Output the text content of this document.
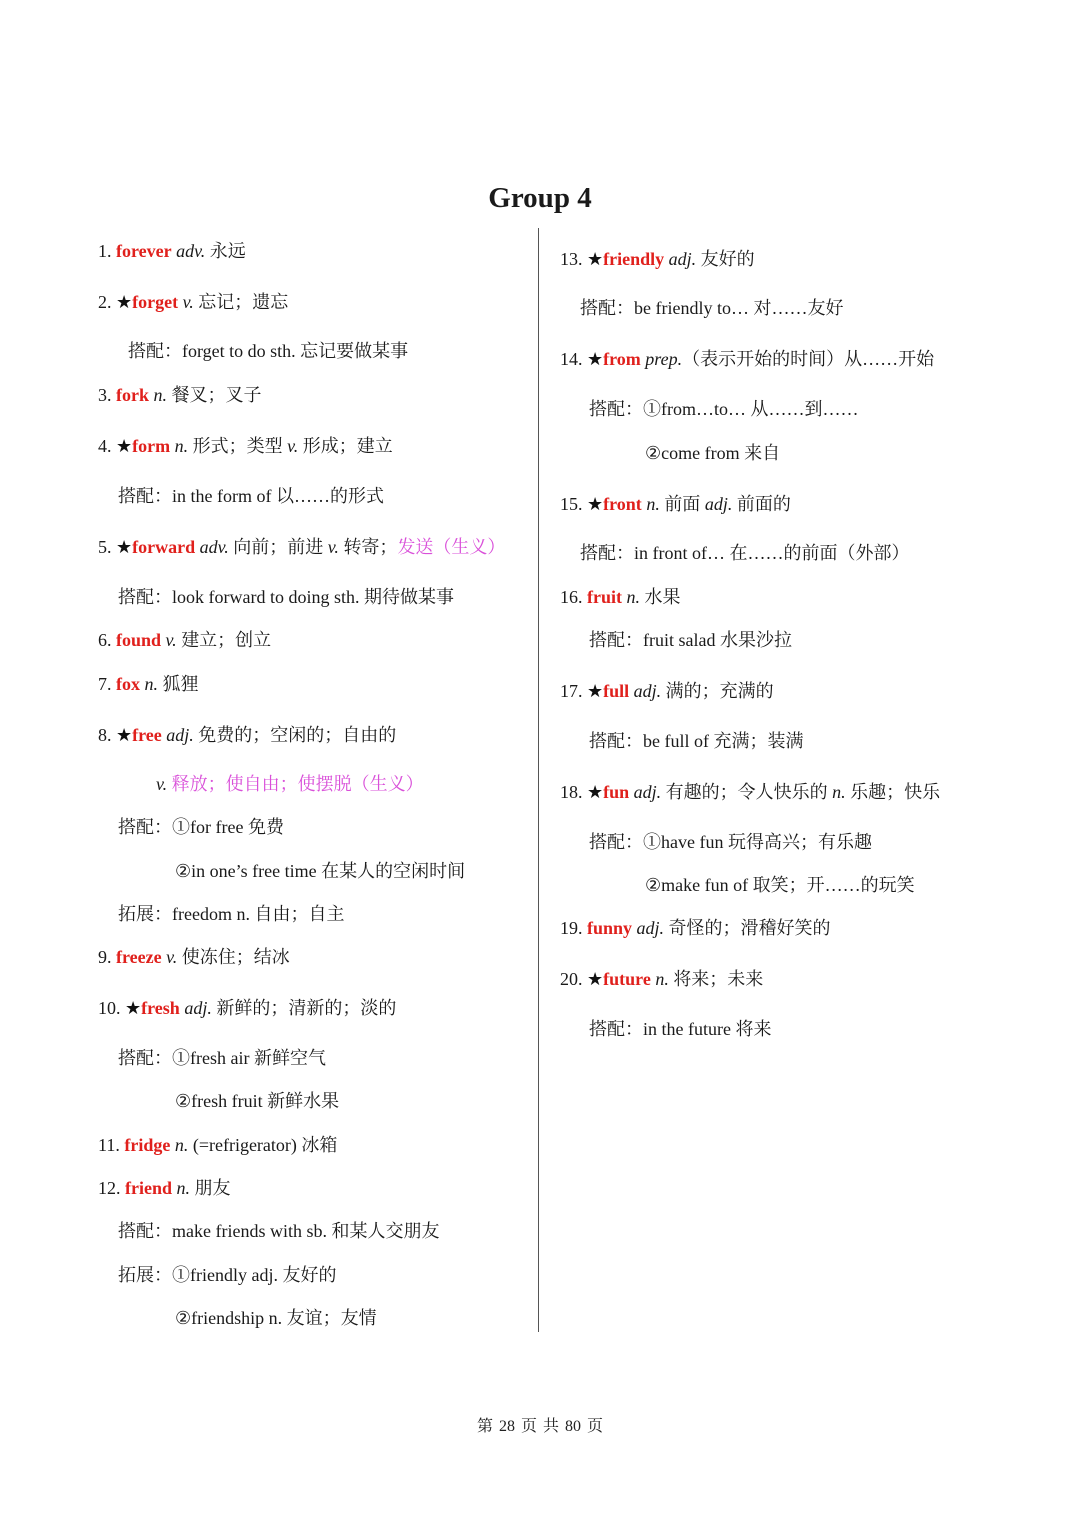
Group 4
1. forever adv. 永远
2. ★forget v. 忘记；遗忘
搭配：forget to do sth. 忘记要做某事
3. fork n. 餐叉；叉子
4. ★form n. 形式；类型 v. 形成；建立
搭配：in the form of 以……的形式
5. ★forward adv. 向前；前进 v. 转寄；发送（生义）
搭配：look forward to doing sth. 期待做某事
6. found v. 建立；创立
7. fox n. 狐狸
8. ★free adj. 免费的；空闲的；自由的
v. 释放；使自由；使摆脱（生义）
搭配：①for free 免费
②in one’s free time 在某人的空闲时间
拓展：freedom n. 自由；自主
9. freeze v. 使冻住；结冰
10. ★fresh adj. 新鲜的；清新的；淡的
搭配：①fresh air 新鲜空气
②fresh fruit 新鲜水果
11. fridge n. (=refrigerator) 冰箱
12. friend n. 朋友
搭配：make friends with sb. 和某人交朋友
拓展：①friendly adj. 友好的
②friendship n. 友谊；友情
13. ★friendly adj. 友好的
搭配：be friendly to… 对……友好
14. ★from prep.（表示开始的时间）从……开始
搭配：①from…to… 从……到……
②come from 来自
15. ★front n. 前面 adj. 前面的
搭配：in front of… 在……的前面（外部）
16. fruit n. 水果
搭配：fruit salad 水果沙拉
17. ★full adj. 满的；充满的
搭配：be full of 充满；装满
18. ★fun adj. 有趣的；令人快乐的 n. 乐趣；快乐
搭配：①have fun 玩得高兴；有乐趣
②make fun of 取笑；开……的玩笑
19. funny adj. 奇怪的；滑稽好笑的
20. ★future n. 将来；未来
搭配：in the future 将来
第 28 页 共 80 页
